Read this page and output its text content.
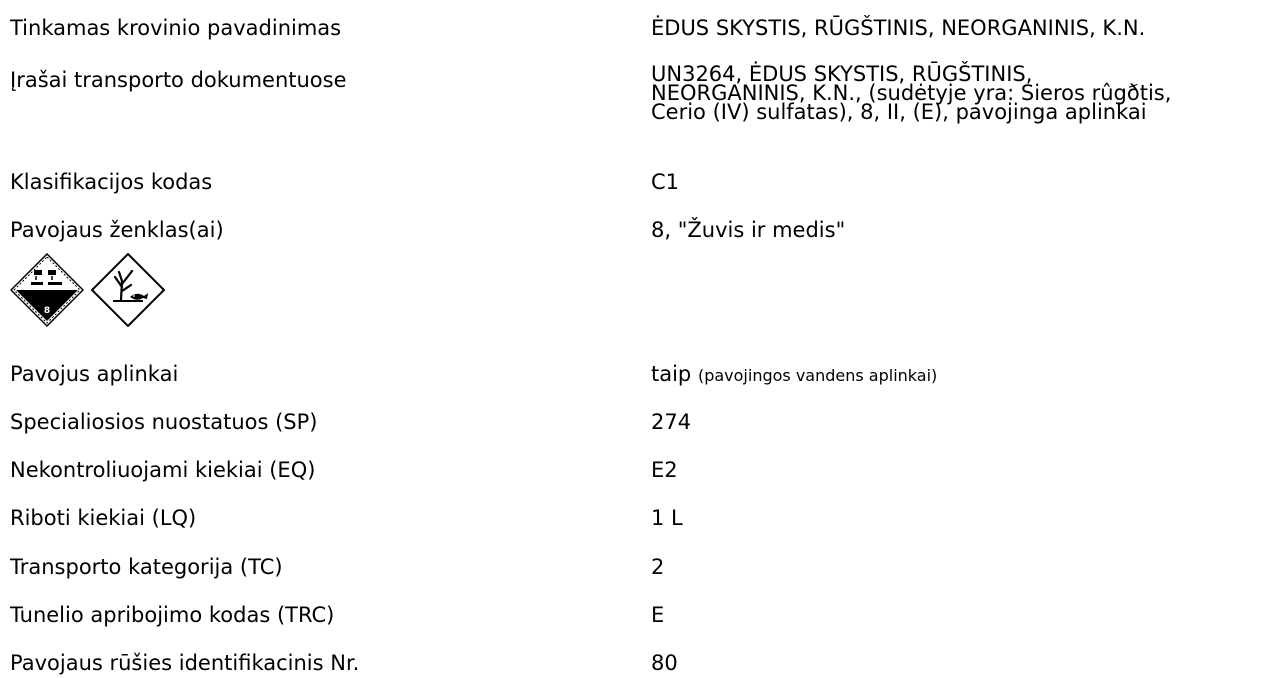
Tinkamas krovinio pavadinimas	ĖDUS SKYSTIS, RŪGŠTINIS, NEORGANINIS, K.N.
Įrašai transporto dokumentuose	UN3264, ĖDUS SKYSTIS, RŪGŠTINIS,
NEORGANINIS, K.N., (sudėtyje yra: Sieros rûgðtis,
Cerio (IV) sulfatas), 8, II, (E), pavojinga aplinkai
Klasifikacijos kodas	C1
Pavojaus ženklas(ai)	8, "Žuvis ir medis"
8
Pavojus aplinkai	taip (pavojingos vandens aplinkai)
Specialiosios nuostatuos (SP)	274
Nekontroliuojami kiekiai (EQ)	E2
Riboti kiekiai (LQ)	1 L
Transporto kategorija (TC)	2
Tunelio apribojimo kodas (TRC)	E
Pavojaus rūšies identifikacinis Nr.	80
